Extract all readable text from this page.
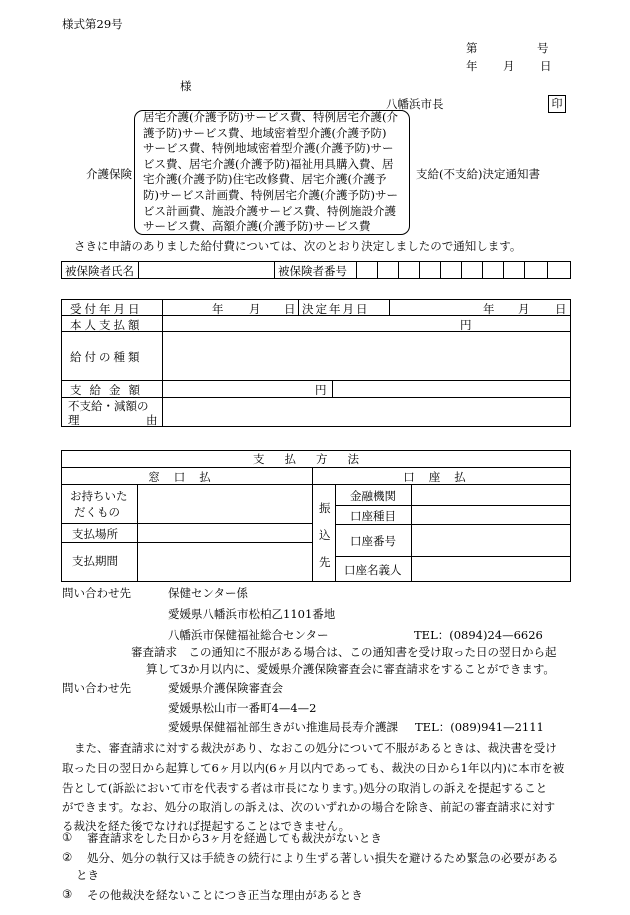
様式第29号
第	号
年 月 日
様
八幡浜市長	印
介護保険
居宅介護(介護予防)サービス費、特例居宅介護(介
護予防)サービス費、地域密着型介護(介護予防)
サービス費、特例地域密着型介護(介護予防)サー
ビス費、居宅介護(介護予防)福祉用具購入費、居
宅介護(介護予防)住宅改修費、居宅介護(介護予
防)サービス計画費、特例居宅介護(介護予防)サー
ビス計画費、施設介護サービス費、特例施設介護
サービス費、高額介護(介護予防)サービス費
支給(不支給)決定通知書
さきに申請のありました給付費については、次のとおり決定しましたので通知します。
被保険者氏名	被保険者番号
受付年月日	年 月 日 決定年月日	年 月 日
本人支払額	円
給付の種類
支給金額	円
不支給・減額の
理	由
支払方法
窓口払	口座払
お持ちいた
だくもの
支払場所
支払期間
振
込
先
金融機関
口座種目
口座番号
口座名義人
問い合わせ先	保健センター係
愛媛県八幡浜市松柏乙1101番地
八幡浜市保健福祉総合センター	TEL：(0894)24—6626
審査請求　この通知に不服がある場合は、この通知書を受け取った日の翌日から起
算して3か月以内に、愛媛県介護保険審査会に審査請求をすることができます。
問い合わせ先	愛媛県介護保険審査会
愛媛県松山市一番町4—4—2
愛媛県保健福祉部生きがい推進局長寿介護課 TEL：(089)941—2111
また、審査請求に対する裁決があり、なおこの処分について不服があるときは、裁決書を受け
取った日の翌日から起算して6ヶ月以内(6ヶ月以内であっても、裁決の日から1年以内)に本市を被
告として(訴訟において市を代表する者は市長になります。)処分の取消しの訴えを提起すること
ができます。なお、処分の取消しの訴えは、次のいずれかの場合を除き、前記の審査請求に対す
る裁決を経た後でなければ提起することはできません。
① 審査請求をした日から3ヶ月を経過しても裁決がないとき
② 処分、処分の執行又は手続きの続行により生ずる著しい損失を避けるため緊急の必要がある
とき
③ その他裁決を経ないことにつき正当な理由があるとき
